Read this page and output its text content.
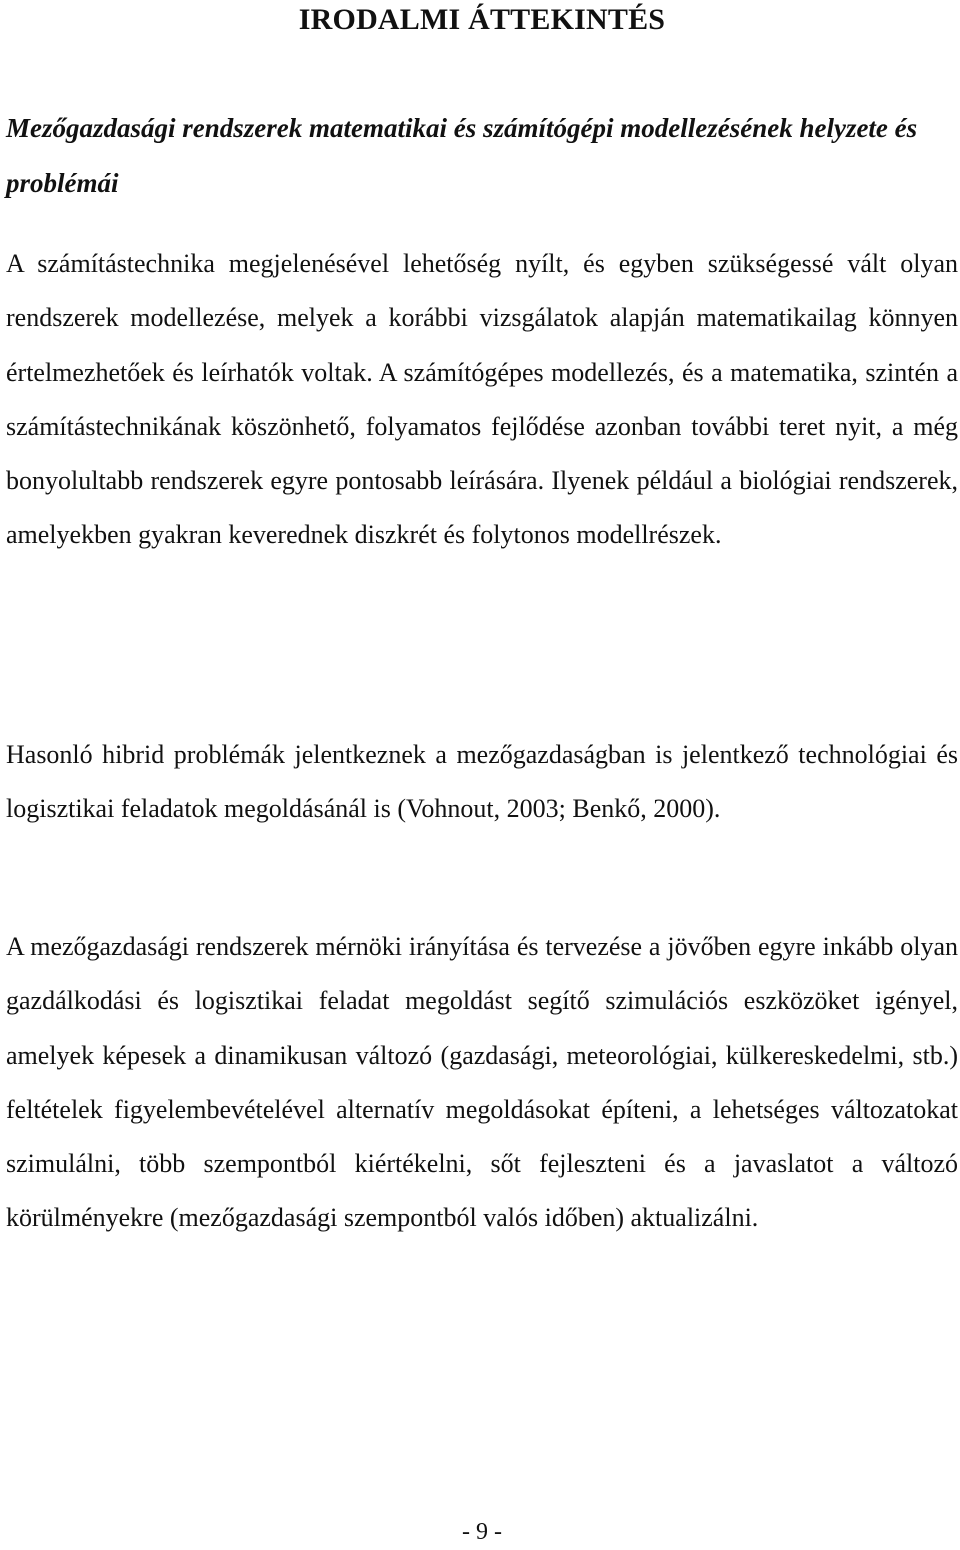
IRODALMI ÁTTEKINTÉS
Mezőgazdasági rendszerek matematikai és számítógépi modellezésének helyzete és problémái

A számítástechnika megjelenésével lehetőség nyílt, és egyben szükségessé vált olyan rendszerek modellezése, melyek a korábbi vizsgálatok alapján matematikailag könnyen értelmezhetőek és leírhatók voltak. A számítógépes modellezés, és a matematika, szintén a számítástechnikának köszönhető, folyamatos fejlődése azonban további teret nyit, a még bonyolultabb rendszerek egyre pontosabb leírására. Ilyenek például a biológiai rendszerek, amelyekben gyakran keverednek diszkrét és folytonos modellrészek.

Hasonló hibrid problémák jelentkeznek a mezőgazdaságban is jelentkező technológiai és logisztikai feladatok megoldásánál is (Vohnout, 2003; Benkő, 2000).

A mezőgazdasági rendszerek mérnöki irányítása és tervezése a jövőben egyre inkább olyan gazdálkodási és logisztikai feladat megoldást segítő szimulációs eszközöket igényel, amelyek képesek a dinamikusan változó (gazdasági, meteorológiai, külkereskedelmi, stb.) feltételek figyelembevételével alternatív megoldásokat építeni, a lehetséges változatokat szimulálni, több szempontból kiértékelni, sőt fejleszteni és a javaslatot a változó körülményekre (mezőgazdasági szempontból valós időben) aktualizálni.

- 9 -
